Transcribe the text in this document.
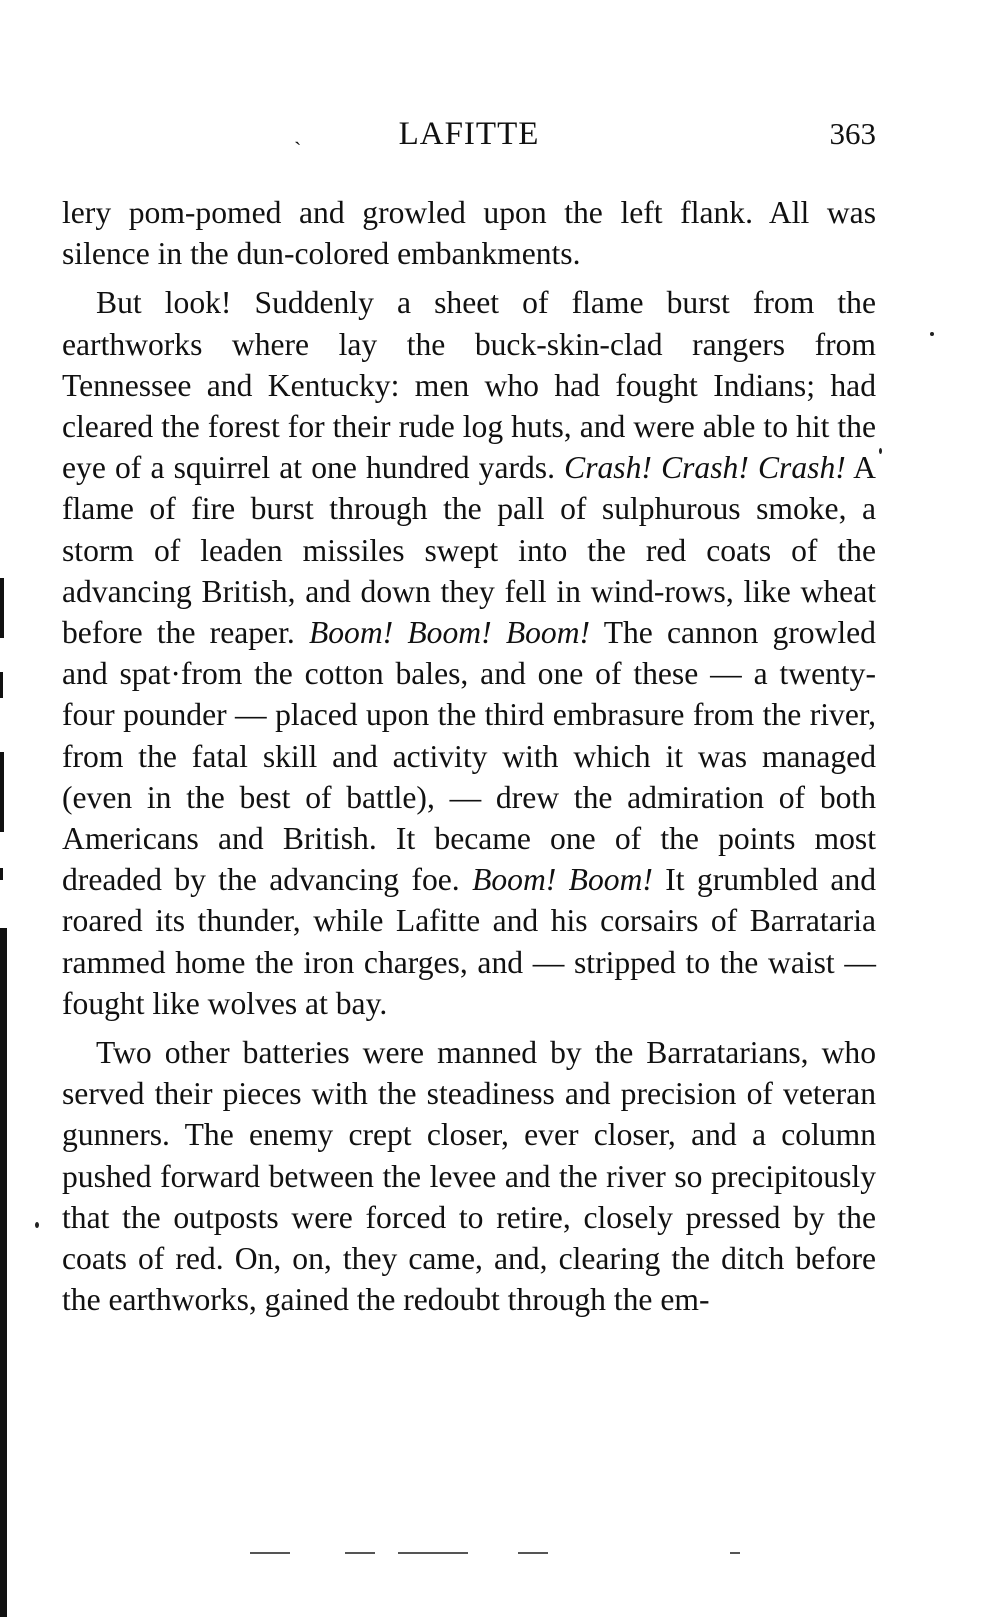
ˎ	LAFITTE	363

lery pom-pomed and growled upon the left flank. All was silence in the dun-colored embankments.

But look! Suddenly a sheet of flame burst from the earthworks where lay the buck-skin-clad rangers from Tennessee and Kentucky: men who had fought Indians; had cleared the forest for their rude log huts, and were able to hit the eye of a squirrel at one hundred yards. Crash! Crash! Crash! A flame of fire burst through the pall of sulphurous smoke, a storm of leaden missiles swept into the red coats of the advancing British, and down they fell in wind-rows, like wheat before the reaper. Boom! Boom! Boom! The cannon growled and spat·from the cotton bales, and one of these — a twenty-four pounder — placed upon the third embrasure from the river, from the fatal skill and activity with which it was managed (even in the best of battle), — drew the admiration of both Americans and British. It became one of the points most dreaded by the advancing foe. Boom! Boom! It grumbled and roared its thunder, while Lafitte and his corsairs of Barrataria rammed home the iron charges, and — stripped to the waist — fought like wolves at bay.

Two other batteries were manned by the Barratarians, who served their pieces with the steadiness and precision of veteran gunners. The enemy crept closer, ever closer, and a column pushed forward between the levee and the river so precipitously that the outposts were forced to retire, closely pressed by the coats of red. On, on, they came, and, clearing the ditch before the earthworks, gained the redoubt through the em-
